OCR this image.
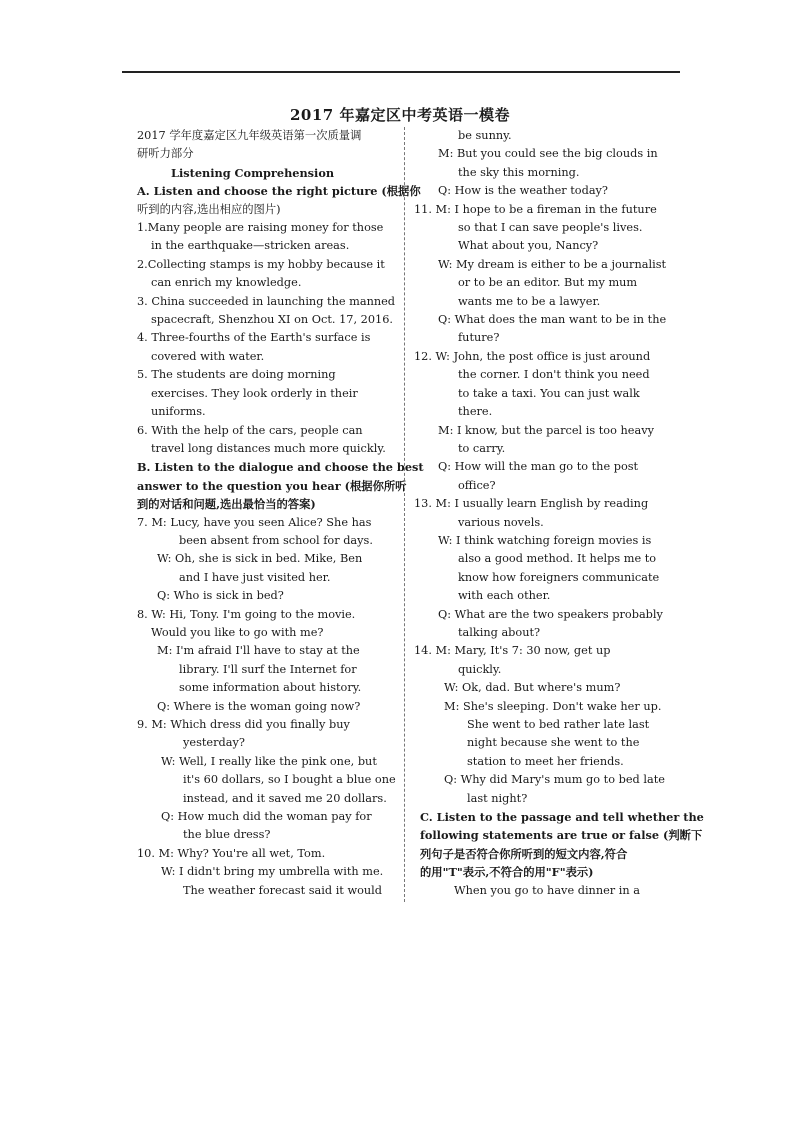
2017 年嘉定区中考英语一模卷
2017 学年度嘉定区九年级英语第一次质量调
研听力部分
Listening Comprehension
A. Listen and choose the right picture (根据你
听到的内容,选出相应的图片)
1.Many people are raising money for those
in the earthquake—stricken areas.
2.Collecting stamps is my hobby because it
can enrich my knowledge.
3. China succeeded in launching the manned
spacecraft, Shenzhou XI on Oct. 17, 2016.
4. Three-fourths of the Earth's surface is
covered with water.
5. The students are doing morning
exercises. They look orderly in their
uniforms.
6. With the help of the cars, people can
travel long distances much more quickly.
B. Listen to the dialogue and choose the best
answer to the question you hear (根据你所听
到的对话和问题,选出最恰当的答案)
7. M: Lucy, have you seen Alice? She has
been absent from school for days.
W: Oh, she is sick in bed. Mike, Ben
and I have just visited her.
Q: Who is sick in bed?
8. W: Hi, Tony. I'm going to the movie.
Would you like to go with me?
M: I'm afraid I'll have to stay at the
library. I'll surf the Internet for
some information about history.
Q: Where is the woman going now?
9. M: Which dress did you finally buy
yesterday?
W: Well, I really like the pink one, but
it's 60 dollars, so I bought a blue one
instead, and it saved me 20 dollars.
Q: How much did the woman pay for
the blue dress?
10. M: Why? You're all wet, Tom.
W: I didn't bring my umbrella with me.
The weather forecast said it would
be sunny.
M: But you could see the big clouds in
the sky this morning.
Q: How is the weather today?
11. M: I hope to be a fireman in the future
so that I can save people's lives.
What about you, Nancy?
W: My dream is either to be a journalist
or to be an editor. But my mum
wants me to be a lawyer.
Q: What does the man want to be in the
future?
12. W: John, the post office is just around
the corner. I don't think you need
to take a taxi. You can just walk
there.
M: I know, but the parcel is too heavy
to carry.
Q: How will the man go to the post
office?
13. M: I usually learn English by reading
various novels.
W: I think watching foreign movies is
also a good method. It helps me to
know how foreigners communicate
with each other.
Q: What are the two speakers probably
talking about?
14. M: Mary, It's 7: 30 now, get up
quickly.
W: Ok, dad. But where's mum?
M: She's sleeping. Don't wake her up.
She went to bed rather late last
night because she went to the
station to meet her friends.
Q: Why did Mary's mum go to bed late
last night?
C. Listen to the passage and tell whether the
following statements are true or false (判断下
列句子是否符合你所听到的短文内容,符合
的用"T"表示,不符合的用"F"表示)
When you go to have dinner in a
